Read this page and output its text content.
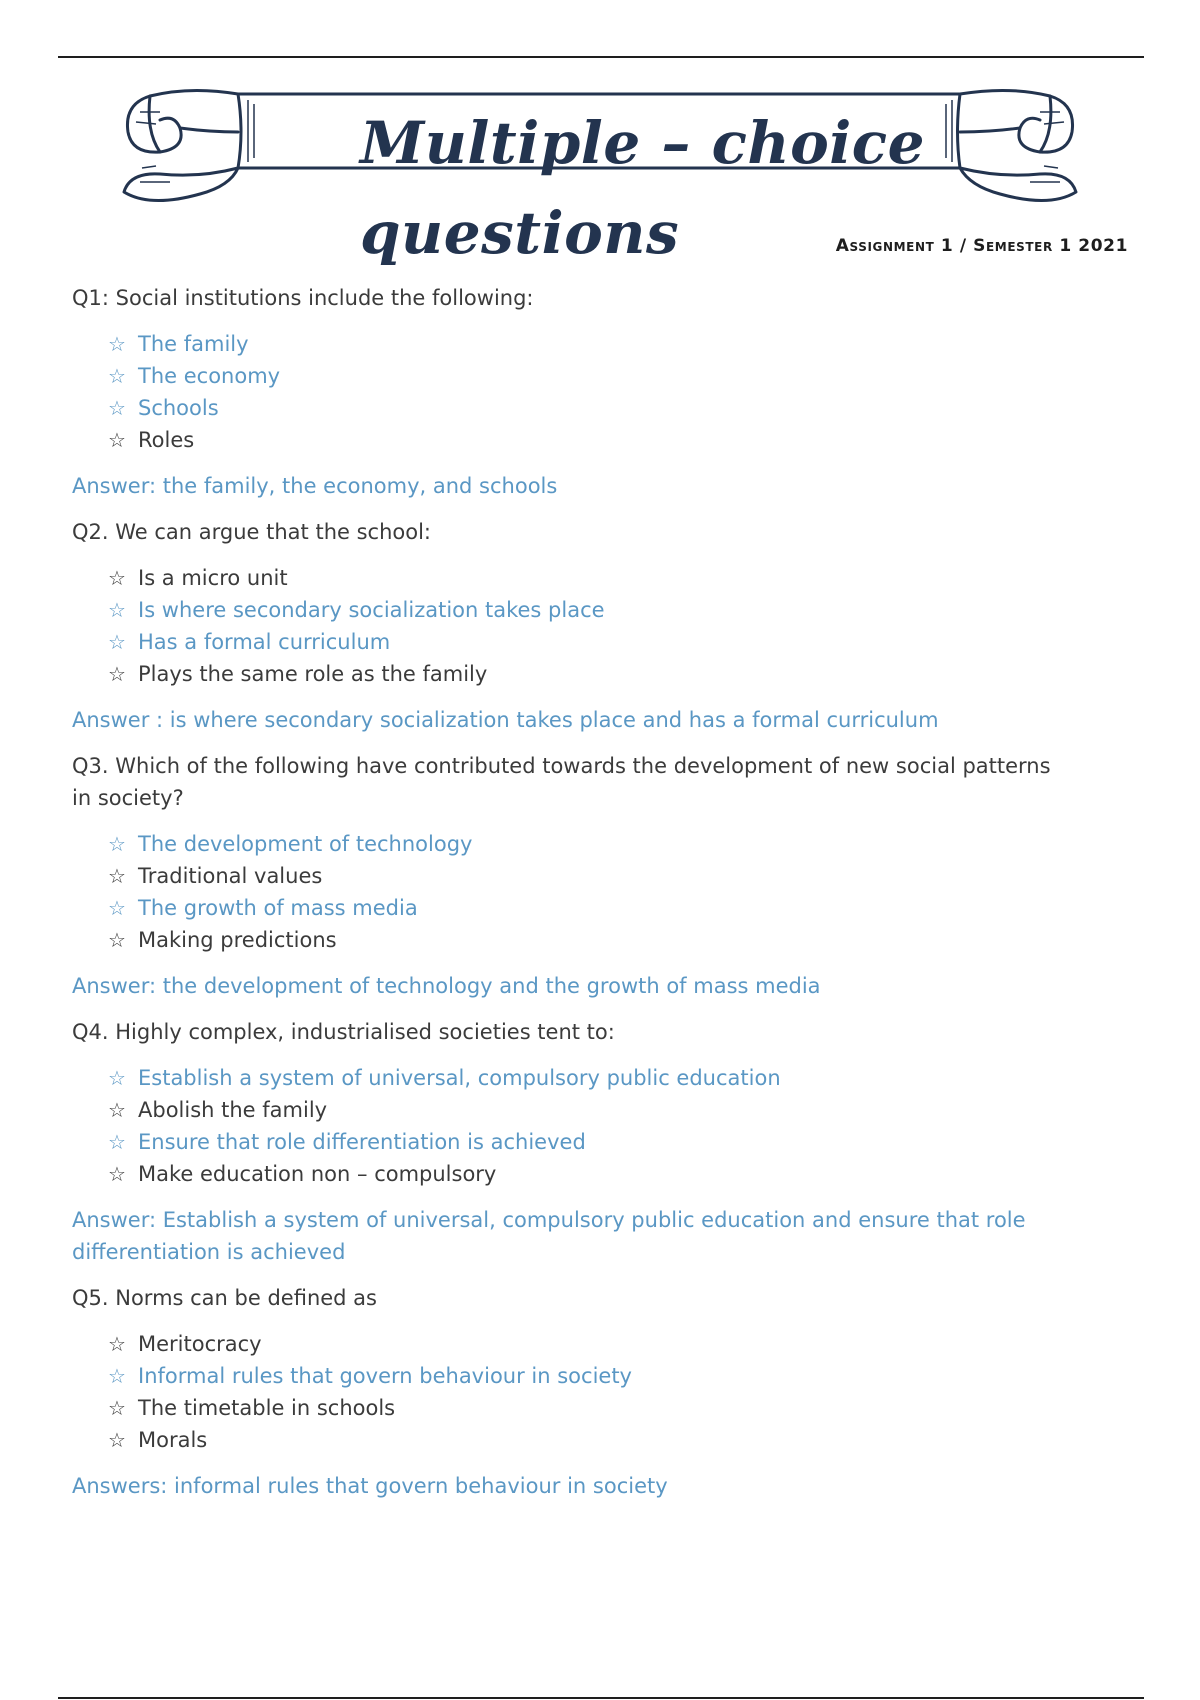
Multiple – choice questions	Assignment 1 / Semester 1 2021
Q1: Social institutions include the following:
☆ The family
☆ The economy
☆ Schools
☆ Roles
Answer: the family, the economy, and schools
Q2. We can argue that the school:
☆ Is a micro unit
☆ Is where secondary socialization takes place
☆ Has a formal curriculum
☆ Plays the same role as the family
Answer : is where secondary socialization takes place and has a formal curriculum
Q3. Which of the following have contributed towards the development of new social patterns in society?
☆ The development of technology
☆ Traditional values
☆ The growth of mass media
☆ Making predictions
Answer: the development of technology and the growth of mass media
Q4. Highly complex, industrialised societies tent to:
☆ Establish a system of universal, compulsory public education
☆ Abolish the family
☆ Ensure that role differentiation is achieved
☆ Make education non – compulsory
Answer: Establish a system of universal, compulsory public education and ensure that role differentiation is achieved
Q5. Norms can be defined as
☆ Meritocracy
☆ Informal rules that govern behaviour in society
☆ The timetable in schools
☆ Morals
Answers: informal rules that govern behaviour in society
